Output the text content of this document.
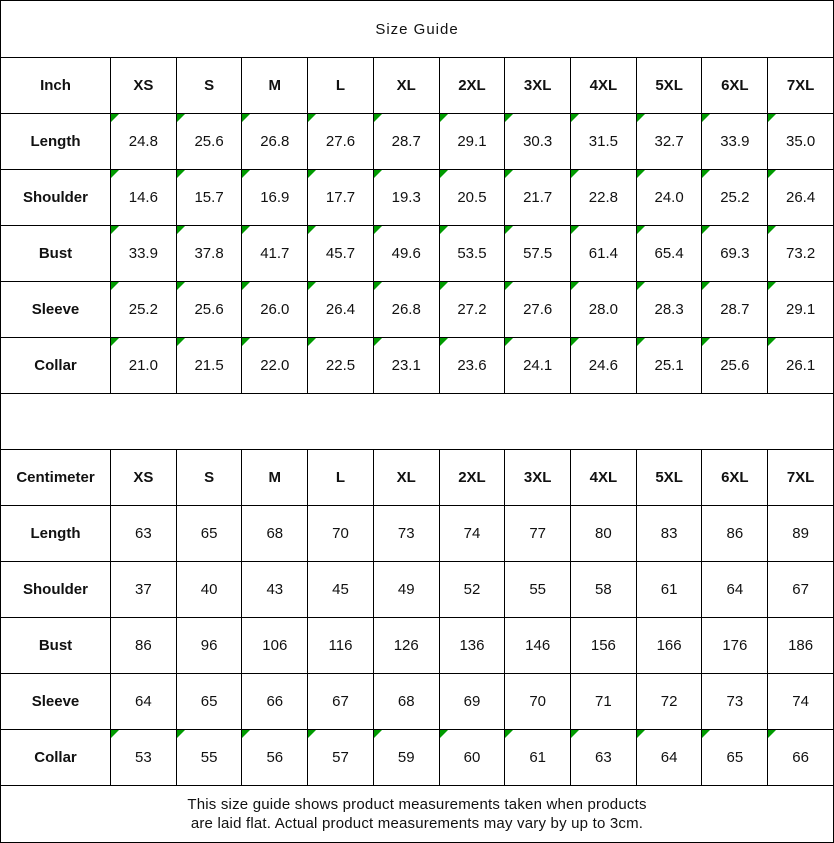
Size Guide											
Inch	XS	S	M	L	XL	2XL	3XL	4XL	5XL	6XL	7XL
Length	24.8	25.6	26.8	27.6	28.7	29.1	30.3	31.5	32.7	33.9	35.0

Shoulder	14.6	15.7	16.9	17.7	19.3	20.5	21.7	22.8	24.0	25.2	26.4

Bust	33.9	37.8	41.7	45.7	49.6	53.5	57.5	61.4	65.4	69.3	73.2

Sleeve	25.2	25.6	26.0	26.4	26.8	27.2	27.6	28.0	28.3	28.7	29.1

Collar	21.0	21.5	22.0	22.5	23.1	23.6	24.1	24.6	25.1	25.6	26.1

Centimeter	XS	S	M	L	XL	2XL	3XL	4XL	5XL	6XL	7XL
Length	63	65	68	70	73	74	77	80	83	86	89
Shoulder	37	40	43	45	49	52	55	58	61	64	67
Bust	86	96	106	116	126	136	146	156	166	176	186
Sleeve	64	65	66	67	68	69	70	71	72	73	74
Collar	53	55	56	57	59	60	61	63	64	65	66

This size guide shows product measurements taken when products
are laid flat. Actual product measurements may vary by up to 3cm.											
